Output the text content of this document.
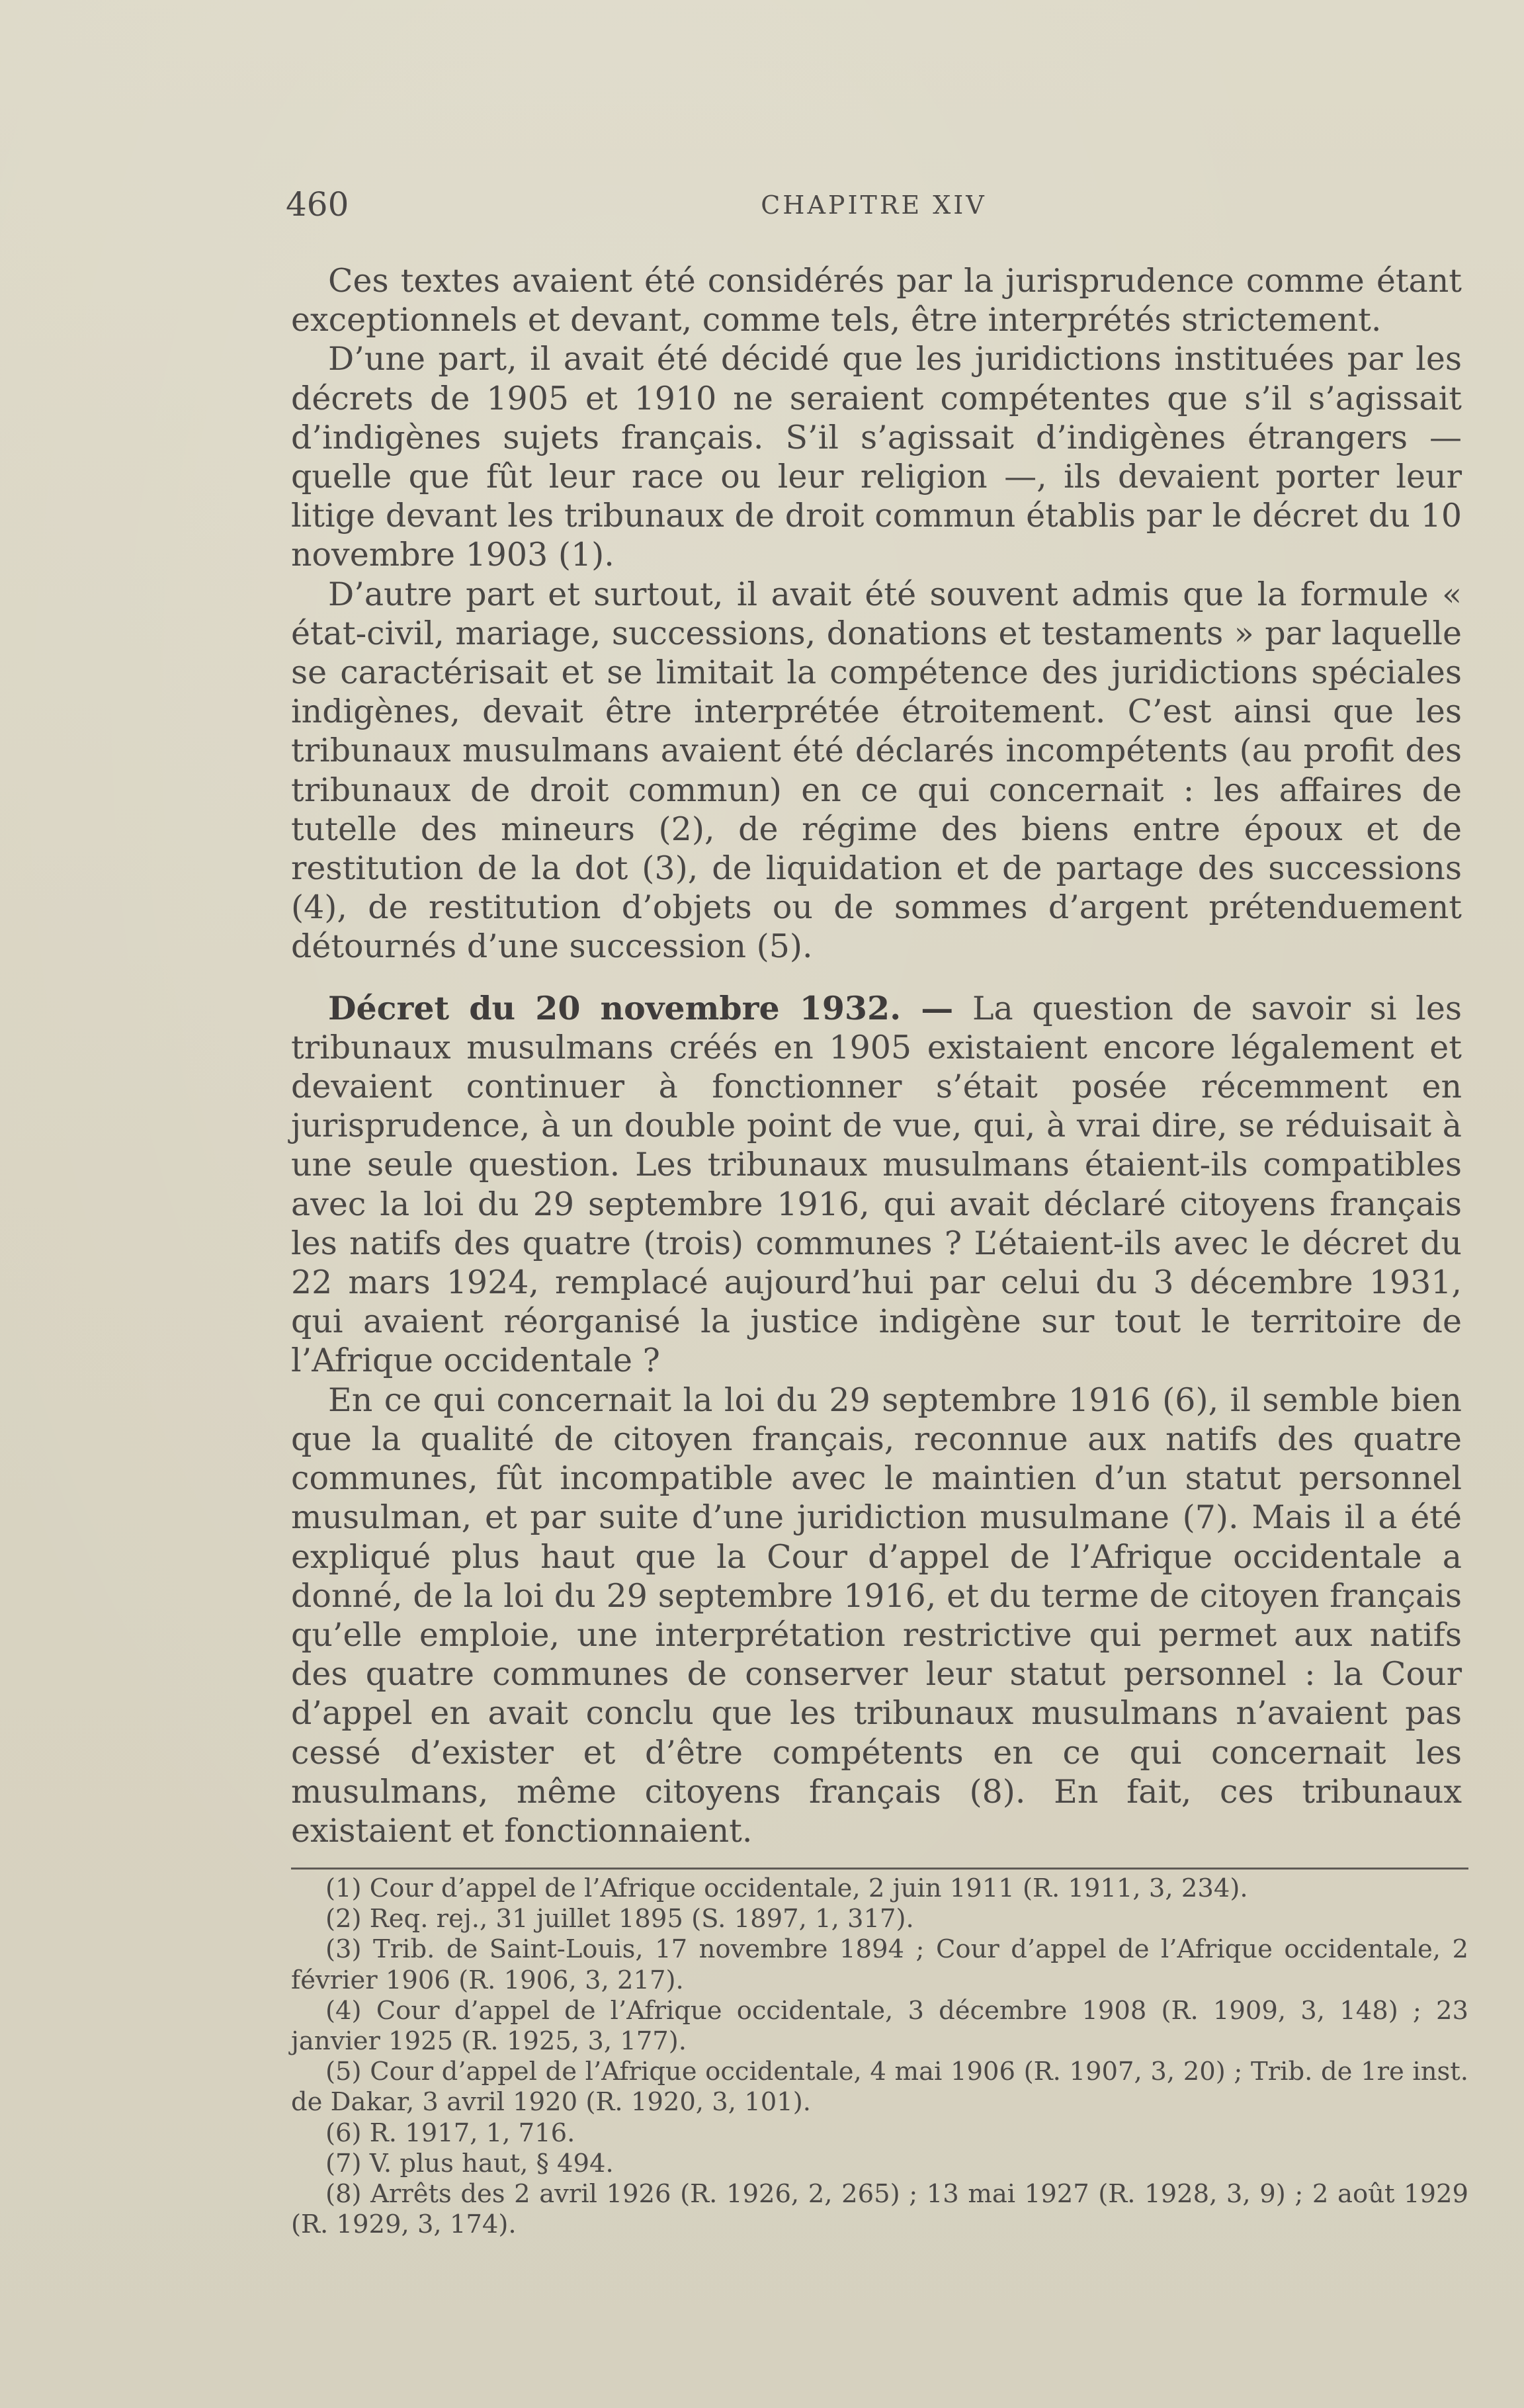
460	CHAPITRE XIV

Ces textes avaient été considérés par la jurisprudence comme étant exceptionnels et devant, comme tels, être interprétés strictement.

D’une part, il avait été décidé que les juridictions instituées par les décrets de 1905 et 1910 ne seraient compétentes que s’il s’agissait d’indigènes sujets français. S’il s’agissait d’indigènes étrangers — quelle que fût leur race ou leur religion —, ils devaient porter leur litige devant les tribunaux de droit commun établis par le décret du 10 novembre 1903 (1).

D’autre part et surtout, il avait été souvent admis que la formule « état-civil, mariage, successions, donations et testaments » par laquelle se caractérisait et se limitait la compétence des juridictions spéciales indigènes, devait être interprétée étroitement. C’est ainsi que les tribunaux musulmans avaient été déclarés incompétents (au profit des tribunaux de droit commun) en ce qui concernait : les affaires de tutelle des mineurs (2), de régime des biens entre époux et de restitution de la dot (3), de liquidation et de partage des successions (4), de restitution d’objets ou de sommes d’argent prétenduement détournés d’une succession (5).

Décret du 20 novembre 1932. — La question de savoir si les tribunaux musulmans créés en 1905 existaient encore légalement et devaient continuer à fonctionner s’était posée récemment en jurisprudence, à un double point de vue, qui, à vrai dire, se réduisait à une seule question. Les tribunaux musulmans étaient-ils compatibles avec la loi du 29 septembre 1916, qui avait déclaré citoyens français les natifs des quatre (trois) communes ? L’étaient-ils avec le décret du 22 mars 1924, remplacé aujourd’hui par celui du 3 décembre 1931, qui avaient réorganisé la justice indigène sur tout le territoire de l’Afrique occidentale ?

En ce qui concernait la loi du 29 septembre 1916 (6), il semble bien que la qualité de citoyen français, reconnue aux natifs des quatre communes, fût incompatible avec le maintien d’un statut personnel musulman, et par suite d’une juridiction musulmane (7). Mais il a été expliqué plus haut que la Cour d’appel de l’Afrique occidentale a donné, de la loi du 29 septembre 1916, et du terme de citoyen français qu’elle emploie, une interprétation restrictive qui permet aux natifs des quatre communes de conserver leur statut personnel : la Cour d’appel en avait conclu que les tribunaux musulmans n’avaient pas cessé d’exister et d’être compétents en ce qui concernait les musulmans, même citoyens français (8). En fait, ces tribunaux existaient et fonctionnaient.

(1) Cour d’appel de l’Afrique occidentale, 2 juin 1911 (R. 1911, 3, 234).

(2) Req. rej., 31 juillet 1895 (S. 1897, 1, 317).

(3) Trib. de Saint-Louis, 17 novembre 1894 ; Cour d’appel de l’Afrique occidentale, 2 février 1906 (R. 1906, 3, 217).

(4) Cour d’appel de l’Afrique occidentale, 3 décembre 1908 (R. 1909, 3, 148) ; 23 janvier 1925 (R. 1925, 3, 177).

(5) Cour d’appel de l’Afrique occidentale, 4 mai 1906 (R. 1907, 3, 20) ; Trib. de 1re inst. de Dakar, 3 avril 1920 (R. 1920, 3, 101).

(6) R. 1917, 1, 716.

(7) V. plus haut, § 494.

(8) Arrêts des 2 avril 1926 (R. 1926, 2, 265) ; 13 mai 1927 (R. 1928, 3, 9) ; 2 août 1929 (R. 1929, 3, 174).
